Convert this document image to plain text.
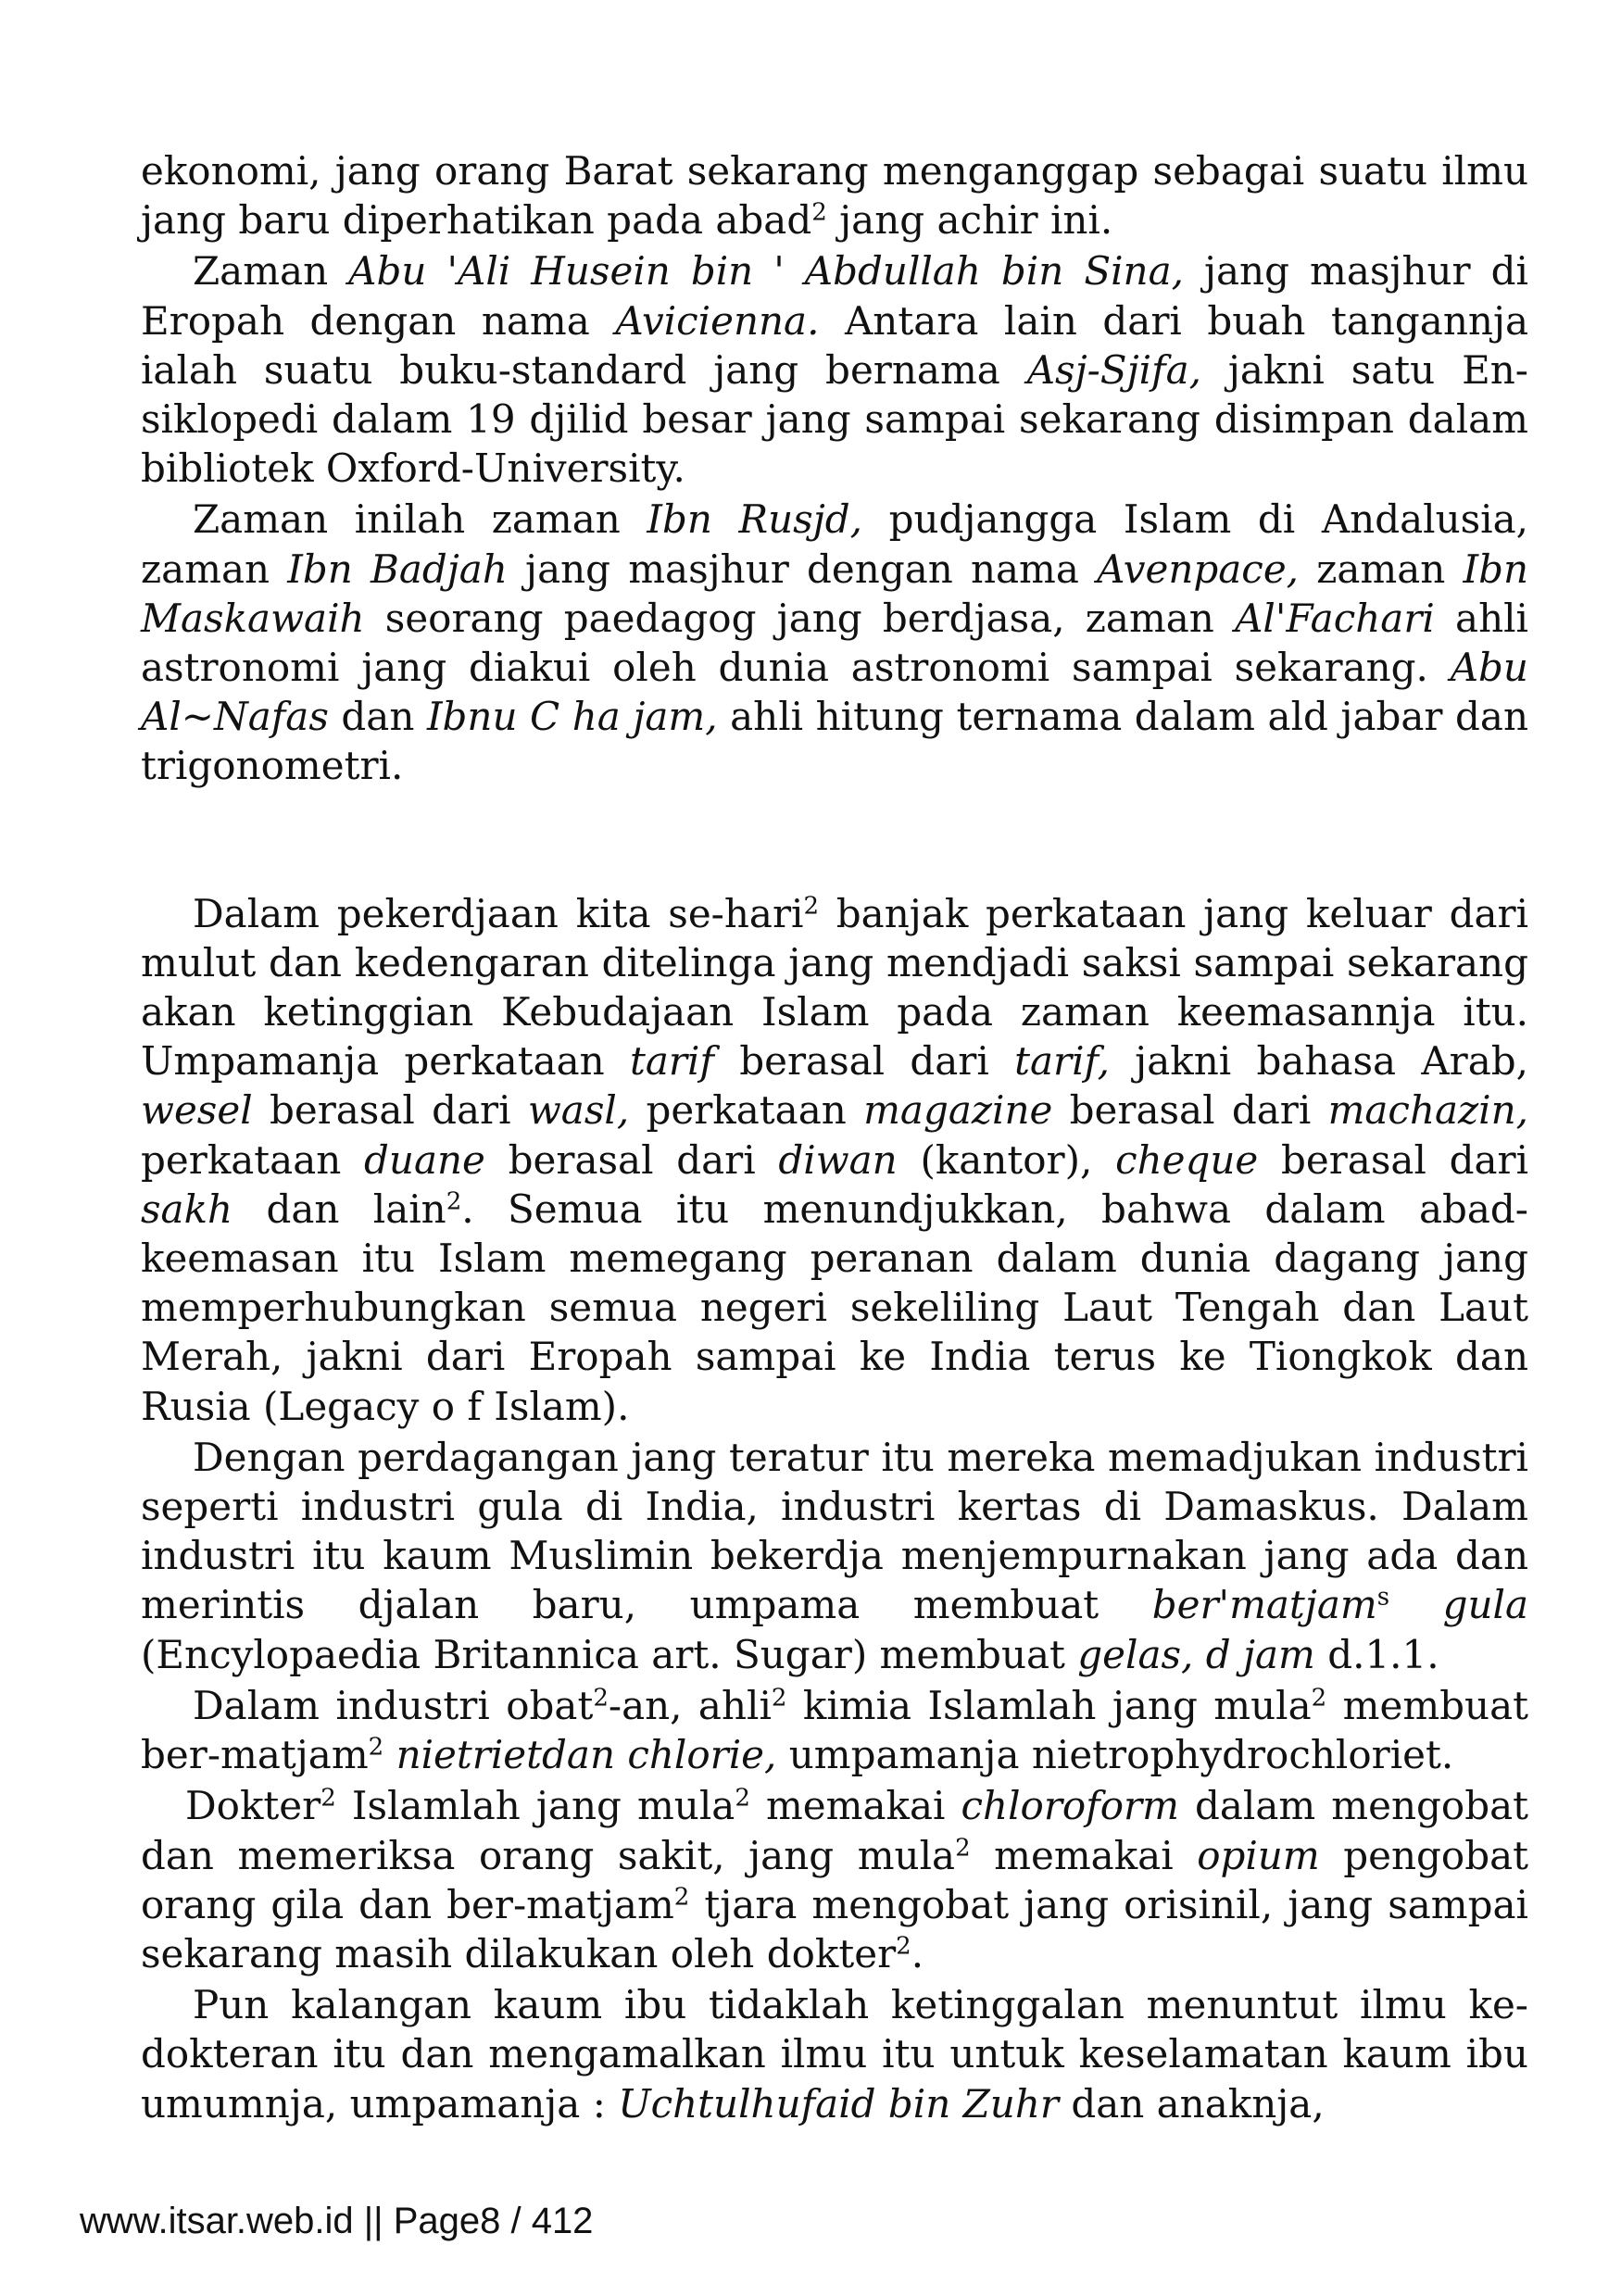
ekonomi, jang orang Barat sekarang menganggap sebagai suatu ilmu jang baru diperhatikan pada abad$^2$ jang achir ini.

Zaman Abu 'Ali Husein bin ' Abdullah bin Sina, jang masjhur di Eropah dengan nama Avicienna. Antara lain dari buah tangannja ialah suatu buku-standard jang bernama Asj-Sjifa, jakni satu Ensiklopedi dalam 19 djilid besar jang sampai sekarang disimpan dalam bibliotek Oxford-University.

Zaman inilah zaman Ibn Rusjd, pudjangga Islam di Andalusia, zaman Ibn Badjah jang masjhur dengan nama Avenpace, zaman Ibn Maskawaih seorang paedagog jang berdjasa, zaman Al'Fachari ahli astronomi jang diakui oleh dunia astronomi sampai sekarang. Abu Al~Nafas dan Ibnu C ha jam, ahli hitung ternama dalam ald jabar dan trigonometri.

Dalam pekerdjaan kita se-hari$^2$ banjak perkataan jang keluar dari mulut dan kedengaran ditelinga jang mendjadi saksi sampai sekarang akan ketinggian Kebudajaan Islam pada zaman keemasannja itu. Umpamanja perkataan tarif berasal dari tarif, jakni bahasa Arab, wesel berasal dari wasl, perkataan magazine berasal dari machazin, perkataan duane berasal dari diwan (kantor), cheque berasal dari sakh dan lain$^2$. Semua itu menundjukkan, bahwa dalam abad-keemasan itu Islam memegang peranan dalam dunia dagang jang memperhubungkan semua negeri sekeliling Laut Tengah dan Laut Merah, jakni dari Eropah sampai ke India terus ke Tiongkok dan Rusia (Legacy o f Islam).

Dengan perdagangan jang teratur itu mereka memadjukan industri seperti industri gula di India, industri kertas di Damaskus. Dalam industri itu kaum Muslimin bekerdja menjempurnakan jang ada dan merintis djalan baru, umpama membuat ber'matjam$^s$ gula (Encylopaedia Britannica art. Sugar) membuat gelas, d jam d.1.1.

Dalam industri obat$^2$-an, ahli$^2$ kimia Islamlah jang mula$^2$ membuat ber-matjam$^2$ nietrietdan chlorie, umpamanja nietrophydrochloriet.

Dokter$^2$ Islamlah jang mula$^2$ memakai chloroform dalam mengobat dan memeriksa orang sakit, jang mula$^2$ memakai opium pengobat orang gila dan ber-matjam$^2$ tjara mengobat jang orisinil, jang sampai sekarang masih dilakukan oleh dokter$^2$.

Pun kalangan kaum ibu tidaklah ketinggalan menuntut ilmu kedokteran itu dan mengamalkan ilmu itu untuk keselamatan kaum ibu umumnja, umpamanja : Uchtulhufaid bin Zuhr dan anaknja,

www.itsar.web.id || Page8 / 412
